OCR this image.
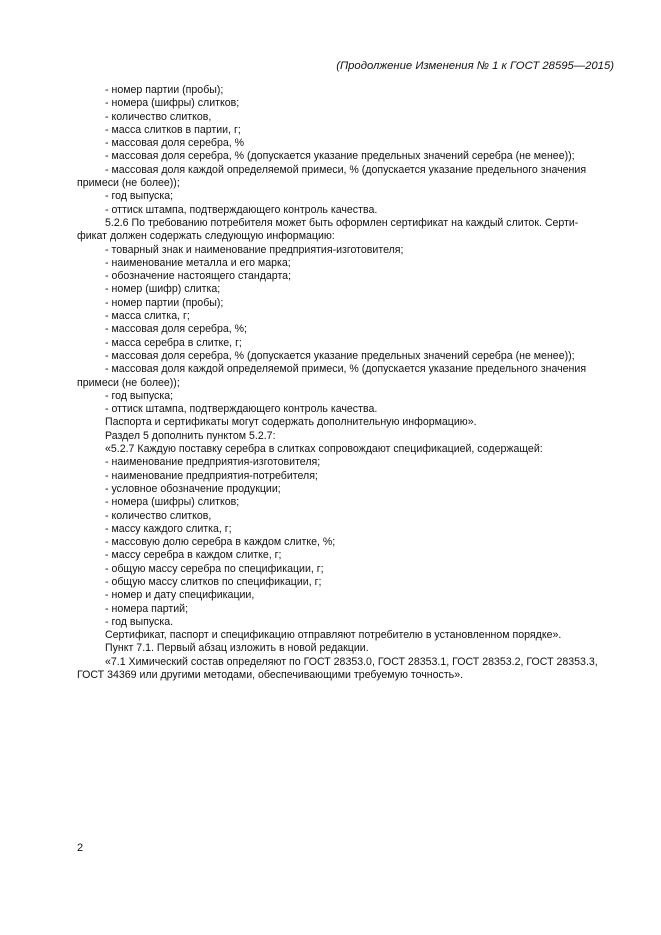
(Продолжение Изменения № 1 к ГОСТ 28595—2015)
- номер партии (пробы);
- номера (шифры) слитков;
- количество слитков,
- масса слитков в партии, г;
- массовая доля серебра, %
- массовая доля серебра, % (допускается указание предельных значений серебра (не менее));
- массовая доля каждой определяемой примеси, % (допускается указание предельного значения
примеси (не более));
- год выпуска;
- оттиск штампа, подтверждающего контроль качества.
5.2.6 По требованию потребителя может быть оформлен сертификат на каждый слиток. Серти-
фикат должен содержать следующую информацию:
- товарный знак и наименование предприятия-изготовителя;
- наименование металла и его марка;
- обозначение настоящего стандарта;
- номер (шифр) слитка;
- номер партии (пробы);
- масса слитка, г;
- массовая доля серебра, %;
- масса серебра в слитке, г;
- массовая доля серебра, % (допускается указание предельных значений серебра (не менее));
- массовая доля каждой определяемой примеси, % (допускается указание предельного значения
примеси (не более));
- год выпуска;
- оттиск штампа, подтверждающего контроль качества.
Паспорта и сертификаты могут содержать дополнительную информацию».
Раздел 5 дополнить пунктом 5.2.7:
«5.2.7 Каждую поставку серебра в слитках сопровождают спецификацией, содержащей:
- наименование предприятия-изготовителя;
- наименование предприятия-потребителя;
- условное обозначение продукции;
- номера (шифры) слитков;
- количество слитков,
- массу каждого слитка, г;
- массовую долю серебра в каждом слитке, %;
- массу серебра в каждом слитке, г;
- общую массу серебра по спецификации, г;
- общую массу слитков по спецификации, г;
- номер и дату спецификации,
- номера партий;
- год выпуска.
Сертификат, паспорт и спецификацию отправляют потребителю в установленном порядке».
Пункт 7.1. Первый абзац изложить в новой редакции.
«7.1 Химический состав определяют по ГОСТ 28353.0, ГОСТ 28353.1, ГОСТ 28353.2, ГОСТ 28353.3,
ГОСТ 34369 или другими методами, обеспечивающими требуемую точность».
2
